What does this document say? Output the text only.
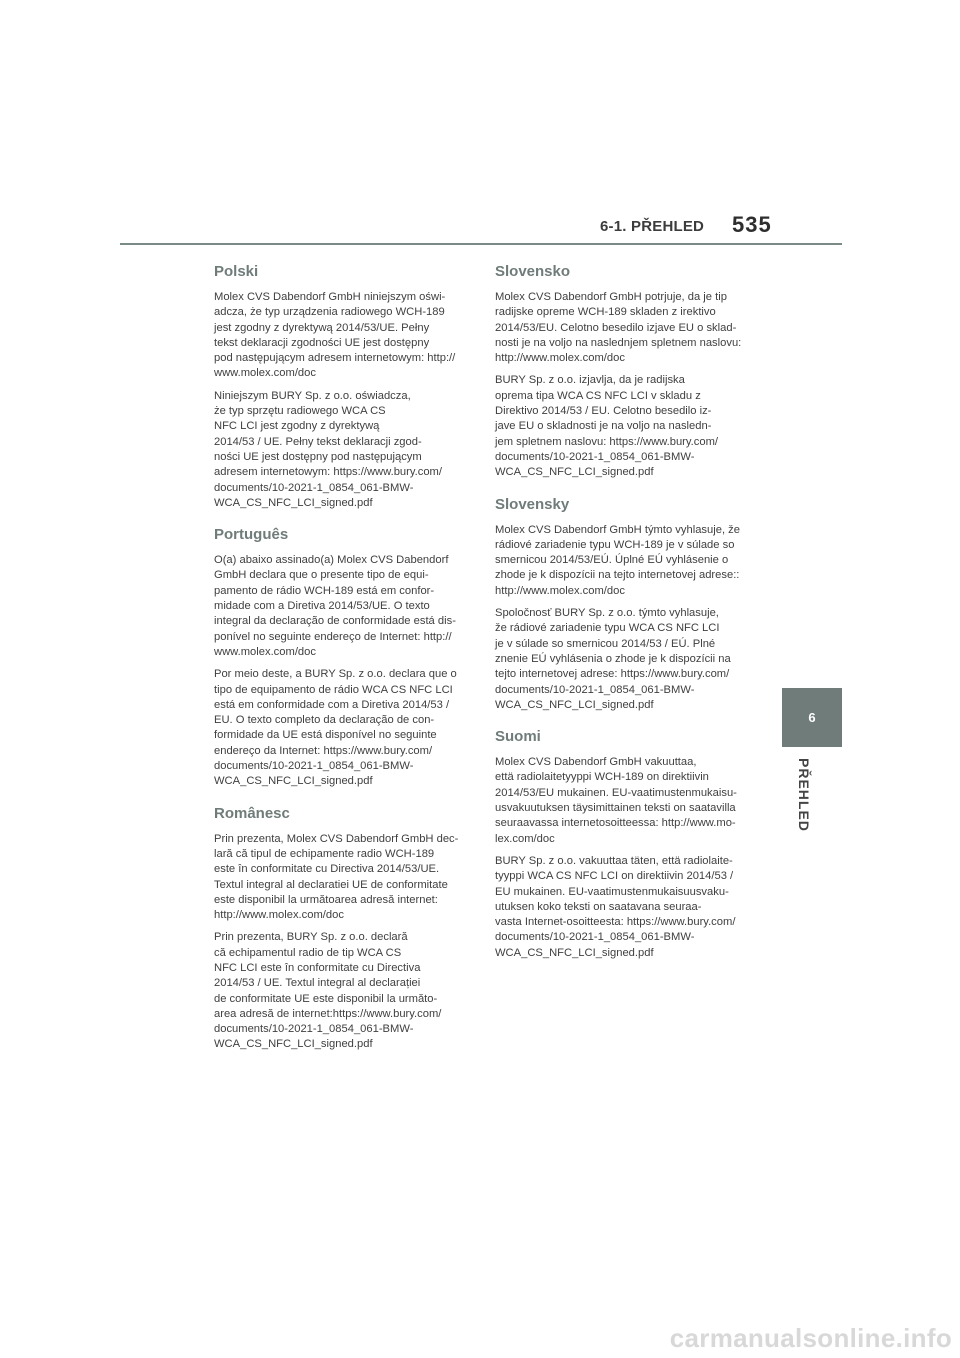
6-1. PŘEHLED 535
Polski

Molex CVS Dabendorf GmbH niniejszym oświ-
adcza, że typ urządzenia radiowego WCH-189
jest zgodny z dyrektywą 2014/53/UE. Pełny
tekst deklaracji zgodności UE jest dostępny
pod następującym adresem internetowym: http://
www.molex.com/doc

Niniejszym BURY Sp. z o.o. oświadcza,
że typ sprzętu radiowego WCA CS
NFC LCI jest zgodny z dyrektywą
2014/53 / UE. Pełny tekst deklaracji zgod-
ności UE jest dostępny pod następującym
adresem internetowym: https://www.bury.com/
documents/10-2021-1_0854_061-BMW-
WCA_CS_NFC_LCI_signed.pdf

Português

O(a) abaixo assinado(a) Molex CVS Dabendorf
GmbH declara que o presente tipo de equi-
pamento de rádio WCH-189 está em confor-
midade com a Diretiva 2014/53/UE. O texto
integral da declaração de conformidade está dis-
ponível no seguinte endereço de Internet: http://
www.molex.com/doc

Por meio deste, a BURY Sp. z o.o. declara que o
tipo de equipamento de rádio WCA CS NFC LCI
está em conformidade com a Diretiva 2014/53 /
EU. O texto completo da declaração de con-
formidade da UE está disponível no seguinte
endereço da Internet: https://www.bury.com/
documents/10-2021-1_0854_061-BMW-
WCA_CS_NFC_LCI_signed.pdf

Românesc

Prin prezenta, Molex CVS Dabendorf GmbH dec-
lară că tipul de echipamente radio WCH-189
este în conformitate cu Directiva 2014/53/UE.
Textul integral al declaratiei UE de conformitate
este disponibil la următoarea adresă internet:
http://www.molex.com/doc

Prin prezenta, BURY Sp. z o.o. declară
că echipamentul radio de tip WCA CS
NFC LCI este în conformitate cu Directiva
2014/53 / UE. Textul integral al declarației
de conformitate UE este disponibil la următo-
area adresă de internet:https://www.bury.com/
documents/10-2021-1_0854_061-BMW-
WCA_CS_NFC_LCI_signed.pdf

Slovensko

Molex CVS Dabendorf GmbH potrjuje, da je tip
radijske opreme WCH-189 skladen z irektivo
2014/53/EU. Celotno besedilo izjave EU o sklad-
nosti je na voljo na naslednjem spletnem naslovu:
http://www.molex.com/doc

BURY Sp. z o.o. izjavlja, da je radijska
oprema tipa WCA CS NFC LCI v skladu z
Direktivo 2014/53 / EU. Celotno besedilo iz-
jave EU o skladnosti je na voljo na nasledn-
jem spletnem naslovu: https://www.bury.com/
documents/10-2021-1_0854_061-BMW-
WCA_CS_NFC_LCI_signed.pdf

Slovensky

Molex CVS Dabendorf GmbH týmto vyhlasuje, že
rádiové zariadenie typu WCH-189 je v súlade so
smernicou 2014/53/EÚ. Úplné EÚ vyhlásenie o
zhode je k dispozícii na tejto internetovej adrese::
http://www.molex.com/doc

Spoločnosť BURY Sp. z o.o. týmto vyhlasuje,
že rádiové zariadenie typu WCA CS NFC LCI
je v súlade so smernicou 2014/53 / EÚ. Plné
znenie EÚ vyhlásenia o zhode je k dispozícii na
tejto internetovej adrese: https://www.bury.com/
documents/10-2021-1_0854_061-BMW-
WCA_CS_NFC_LCI_signed.pdf

Suomi

Molex CVS Dabendorf GmbH vakuuttaa,
että radiolaitetyyppi WCH-189 on direktiivin
2014/53/EU mukainen. EU-vaatimustenmukaisu-
usvakuutuksen täysimittainen teksti on saatavilla
seuraavassa internetosoitteessa: http://www.mo-
lex.com/doc

BURY Sp. z o.o. vakuuttaa täten, että radiolaite-
tyyppi WCA CS NFC LCI on direktiivin 2014/53 /
EU mukainen. EU-vaatimustenmukaisuusvaku-
utuksen koko teksti on saatavana seuraa-
vasta Internet-osoitteesta: https://www.bury.com/
documents/10-2021-1_0854_061-BMW-
WCA_CS_NFC_LCI_signed.pdf

6
PŘEHLED
carmanualsonline.info
